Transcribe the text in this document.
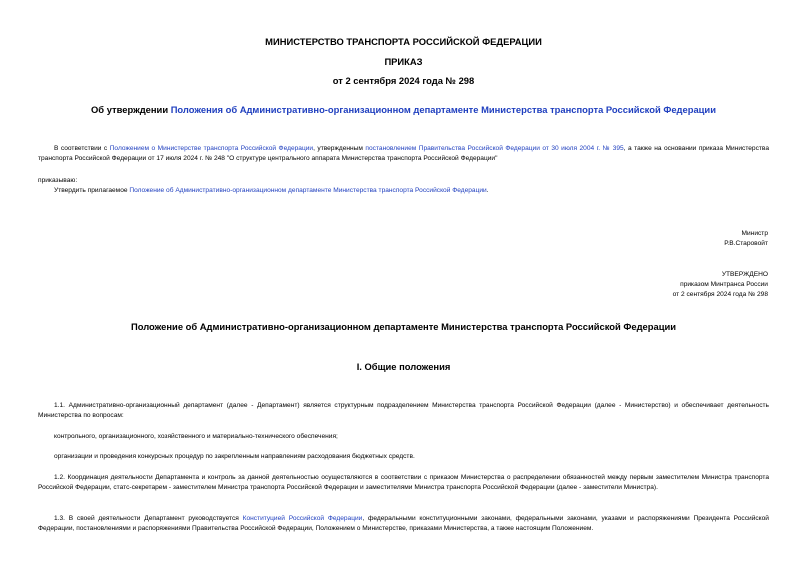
МИНИСТЕРСТВО ТРАНСПОРТА РОССИЙСКОЙ ФЕДЕРАЦИИ
ПРИКАЗ
от 2 сентября 2024 года № 298
Об утверждении Положения об Административно-организационном департаменте Министерства транспорта Российской Федерации
В соответствии с Положением о Министерстве транспорта Российской Федерации, утвержденным постановлением Правительства Российской Федерации от 30 июля 2004 г. № 395, а также на основании приказа Министерства транспорта Российской Федерации от 17 июля 2024 г. № 248 "О структуре центрального аппарата Министерства транспорта Российской Федерации"
приказываю:
Утвердить прилагаемое Положение об Административно-организационном департаменте Министерства транспорта Российской Федерации.
Министр
Р.В.Старовойт
УТВЕРЖДЕНО
приказом Минтранса России
от 2 сентября 2024 года № 298
Положение об Административно-организационном департаменте Министерства транспорта Российской Федерации
I. Общие положения
1.1. Административно-организационный департамент (далее - Департамент) является структурным подразделением Министерства транспорта Российской Федерации (далее - Министерство) и обеспечивает деятельность Министерства по вопросам:
контрольного, организационного, хозяйственного и материально-технического обеспечения;
организации и проведения конкурсных процедур по закрепленным направлениям расходования бюджетных средств.
1.2. Координация деятельности Департамента и контроль за данной деятельностью осуществляются в соответствии с приказом Министерства о распределении обязанностей между первым заместителем Министра транспорта Российской Федерации, статс-секретарем - заместителем Министра транспорта Российской Федерации и заместителями Министра транспорта Российской Федерации (далее - заместители Министра).
1.3. В своей деятельности Департамент руководствуется Конституцией Российской Федерации, федеральными конституционными законами, федеральными законами, указами и распоряжениями Президента Российской Федерации, постановлениями и распоряжениями Правительства Российской Федерации, Положением о Министерстве, приказами Министерства, а также настоящим Положением.
